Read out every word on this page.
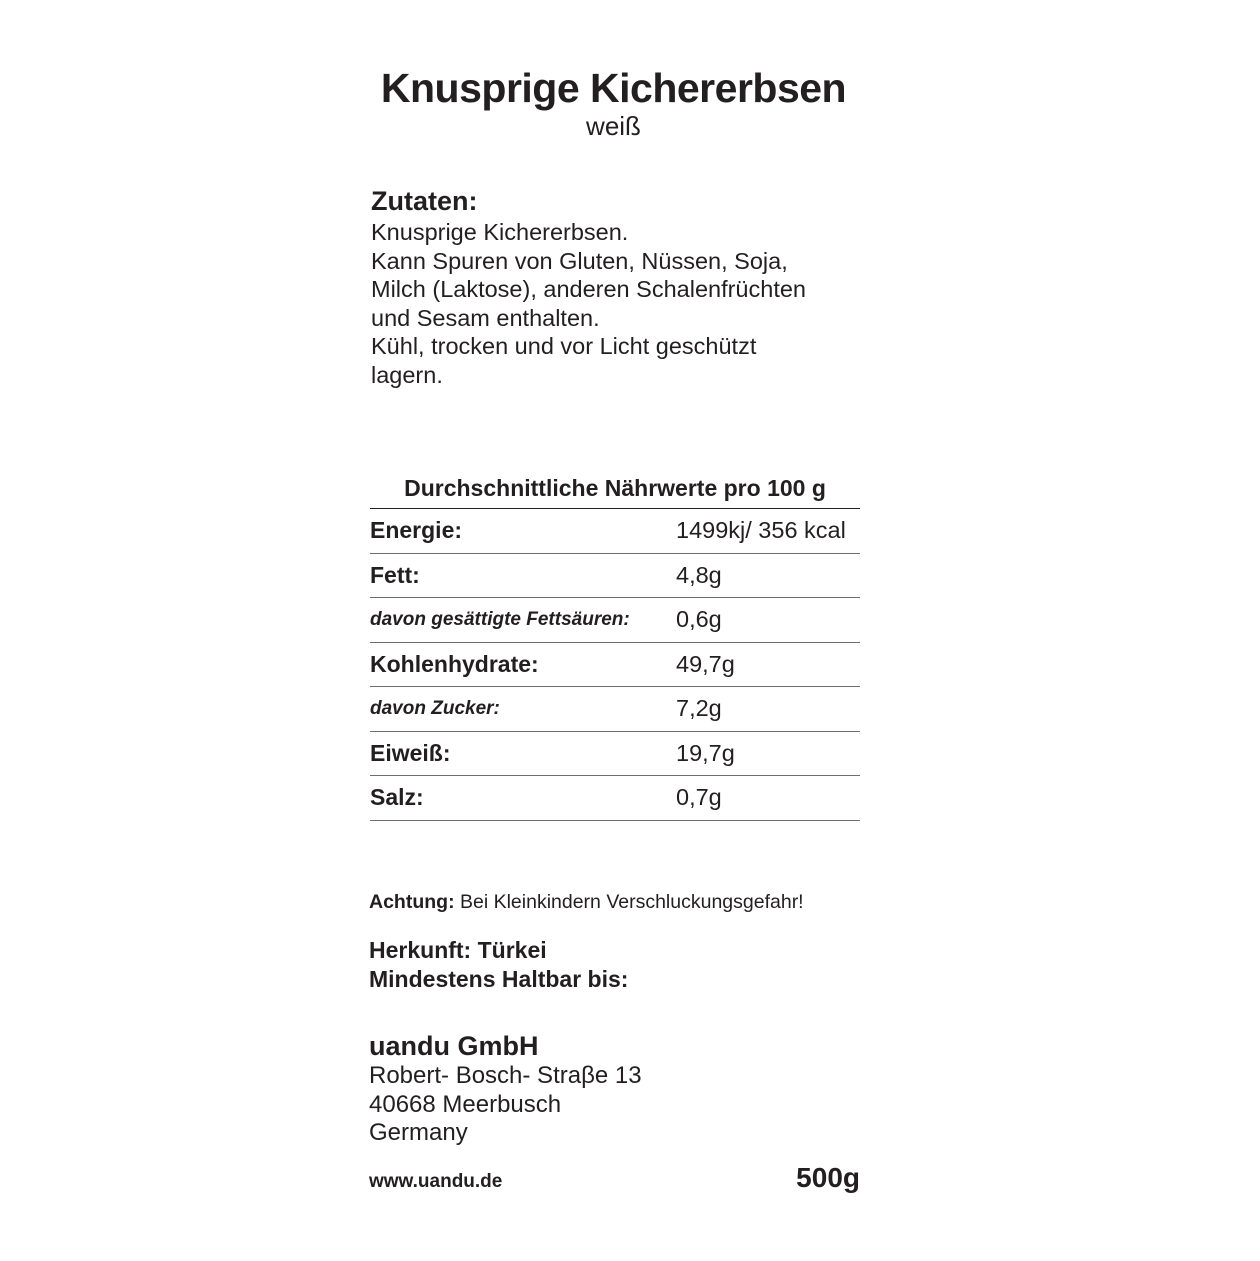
Knusprige Kichererbsen
weiß
Zutaten:
Knusprige Kichererbsen.
Kann Spuren von Gluten, Nüssen, Soja,
Milch (Laktose), anderen Schalenfrüchten
und Sesam enthalten.
Kühl, trocken und vor Licht geschützt
lagern.
Durchschnittliche Nährwerte pro 100 g
Energie:	1499kj/ 356 kcal
Fett:	4,8g
davon gesättigte Fettsäuren:	0,6g
Kohlenhydrate:	49,7g
davon Zucker:	7,2g
Eiweiß:	19,7g
Salz:	0,7g
Achtung: Bei Kleinkindern Verschluckungsgefahr!
Herkunft: Türkei
Mindestens Haltbar bis:
uandu GmbH
Robert- Bosch- Straβe 13
40668 Meerbusch
Germany
www.uandu.de	500g
